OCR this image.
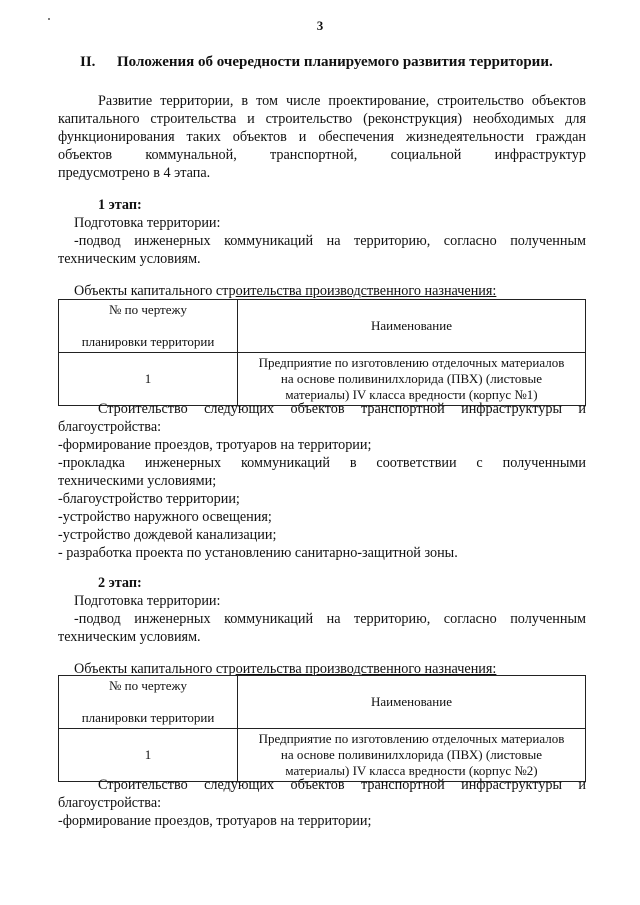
3
II. Положения об очередности планируемого развития территории.
Развитие территории, в том числе проектирование, строительство объектов
капитального строительства и строительство (реконструкция) необходимых для
функционирования таких объектов и обеспечения жизнедеятельности граждан
объектов коммунальной, транспортной, социальной инфраструктур
предусмотрено в 4 этапа.
1 этап:
Подготовка территории:
-подвод инженерных коммуникаций на территорию, согласно полученным
техническим условиям.
Объекты капитального строительства производственного назначения:
№ по чертежу
планировки территории	Наименование
1	Предприятие по изготовлению отделочных материалов
на основе поливинилхлорида (ПВХ) (листовые
материалы) IV класса вредности (корпус №1)
Строительство следующих объектов транспортной инфраструктуры и
благоустройства:
-формирование проездов, тротуаров на территории;
-прокладка инженерных коммуникаций в соответствии с полученными
техническими условиями;
-благоустройство территории;
-устройство наружного освещения;
-устройство дождевой канализации;
- разработка проекта по установлению санитарно-защитной зоны.
2 этап:
Подготовка территории:
-подвод инженерных коммуникаций на территорию, согласно полученным
техническим условиям.
Объекты капитального строительства производственного назначения:
№ по чертежу
планировки территории	Наименование
1	Предприятие по изготовлению отделочных материалов
на основе поливинилхлорида (ПВХ) (листовые
материалы) IV класса вредности (корпус №2)
Строительство следующих объектов транспортной инфраструктуры и
благоустройства:
-формирование проездов, тротуаров на территории;
